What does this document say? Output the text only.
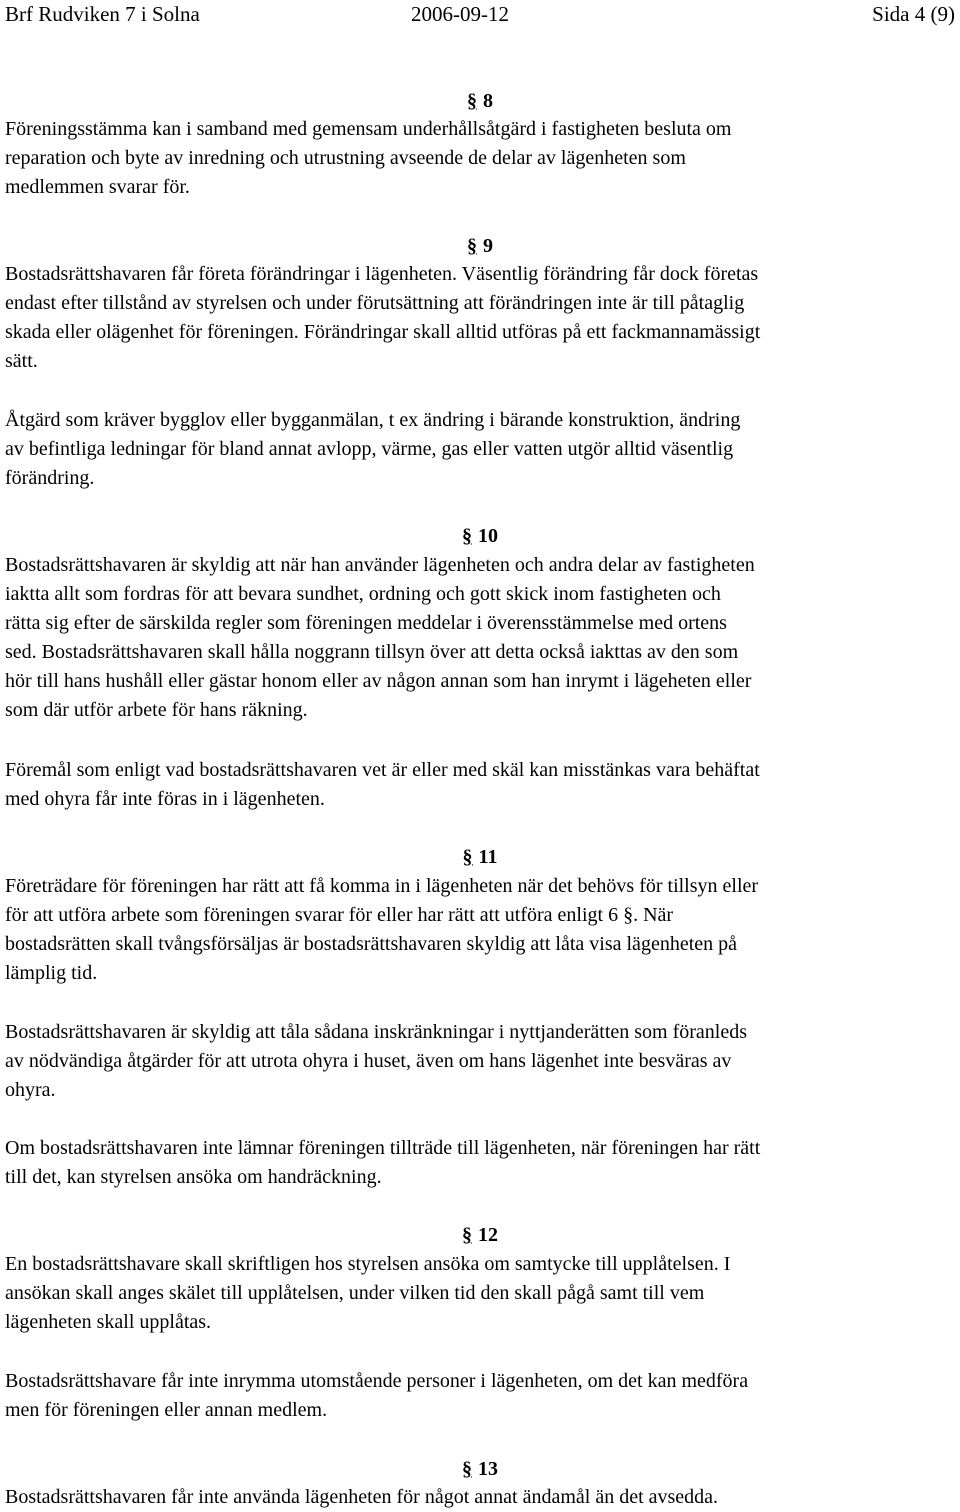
Brf Rudviken 7 i Solna	2006-09-12	Sida 4 (9)
§ 8

Föreningsstämma kan i samband med gemensam underhållsåtgärd i fastigheten besluta om
reparation och byte av inredning och utrustning avseende de delar av lägenheten som
medlemmen svarar för.

§ 9

Bostadsrättshavaren får företa förändringar i lägenheten. Väsentlig förändring får dock företas
endast efter tillstånd av styrelsen och under förutsättning att förändringen inte är till påtaglig
skada eller olägenhet för föreningen. Förändringar skall alltid utföras på ett fackmannamässigt
sätt.

Åtgärd som kräver bygglov eller bygganmälan, t ex ändring i bärande konstruktion, ändring
av befintliga ledningar för bland annat avlopp, värme, gas eller vatten utgör alltid väsentlig
förändring.

§ 10

Bostadsrättshavaren är skyldig att när han använder lägenheten och andra delar av fastigheten
iaktta allt som fordras för att bevara sundhet, ordning och gott skick inom fastigheten och
rätta sig efter de särskilda regler som föreningen meddelar i överensstämmelse med ortens
sed. Bostadsrättshavaren skall hålla noggrann tillsyn över att detta också iakttas av den som
hör till hans hushåll eller gästar honom eller av någon annan som han inrymt i lägeheten eller
som där utför arbete för hans räkning.

Föremål som enligt vad bostadsrättshavaren vet är eller med skäl kan misstänkas vara behäftat
med ohyra får inte föras in i lägenheten.

§ 11

Företrädare för föreningen har rätt att få komma in i lägenheten när det behövs för tillsyn eller
för att utföra arbete som föreningen svarar för eller har rätt att utföra enligt 6 §. När
bostadsrätten skall tvångsförsäljas är bostadsrättshavaren skyldig att låta visa lägenheten på
lämplig tid.

Bostadsrättshavaren är skyldig att tåla sådana inskränkningar i nyttjanderätten som föranleds
av nödvändiga åtgärder för att utrota ohyra i huset, även om hans lägenhet inte besväras av
ohyra.

Om bostadsrättshavaren inte lämnar föreningen tillträde till lägenheten, när föreningen har rätt
till det, kan styrelsen ansöka om handräckning.

§ 12

En bostadsrättshavare skall skriftligen hos styrelsen ansöka om samtycke till upplåtelsen. I
ansökan skall anges skälet till upplåtelsen, under vilken tid den skall pågå samt till vem
lägenheten skall upplåtas.

Bostadsrättshavare får inte inrymma utomstående personer i lägenheten, om det kan medföra
men för föreningen eller annan medlem.

§ 13

Bostadsrättshavaren får inte använda lägenheten för något annat ändamål än det avsedda.
